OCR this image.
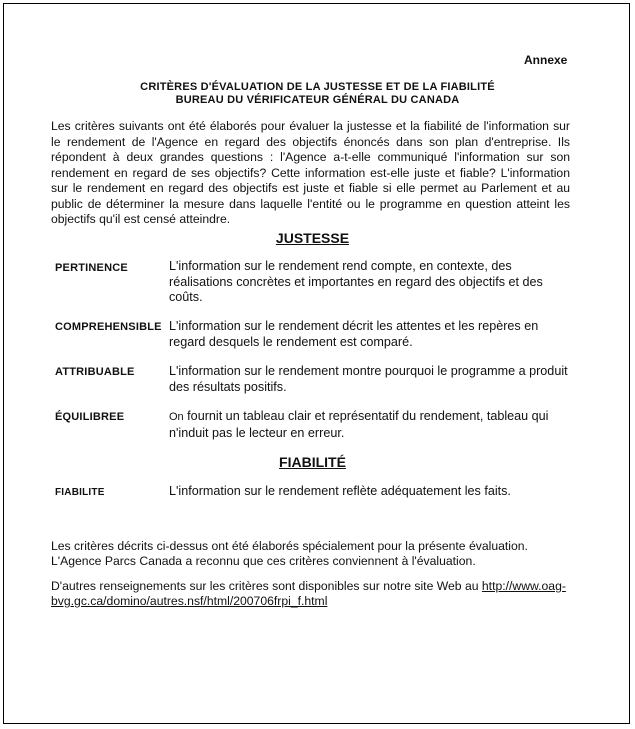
Annexe
CRITÈRES D'ÉVALUATION DE LA JUSTESSE ET DE LA FIABILITÉ
BUREAU DU VÉRIFICATEUR GÉNÉRAL DU CANADA
Les critères suivants ont été élaborés pour évaluer la justesse et la fiabilité de l'information sur le rendement de l'Agence en regard des objectifs énoncés dans son plan d'entreprise. Ils répondent à deux grandes questions : l'Agence a-t-elle communiqué l'information sur son rendement en regard de ses objectifs? Cette information est-elle juste et fiable? L'information sur le rendement en regard des objectifs est juste et fiable si elle permet au Parlement et au public de déterminer la mesure dans laquelle l'entité ou le programme en question atteint les objectifs qu'il est censé atteindre.
JUSTESSE
PERTINENCE	L'information sur le rendement rend compte, en contexte, des réalisations concrètes et importantes en regard des objectifs et des coûts.
COMPREHENSIBLE L'information sur le rendement décrit les attentes et les repères en regard desquels le rendement est comparé.
ATTRIBUABLE	L'information sur le rendement montre pourquoi le programme a produit des résultats positifs.
ÉQUILIBREE	On fournit un tableau clair et représentatif du rendement, tableau qui n'induit pas le lecteur en erreur.
FIABILITÉ
FIABILITE	L'information sur le rendement reflète adéquatement les faits.
Les critères décrits ci-dessus ont été élaborés spécialement pour la présente évaluation.
L'Agence Parcs Canada a reconnu que ces critères conviennent à l'évaluation.
D'autres renseignements sur les critères sont disponibles sur notre site Web au http://www.oag-bvg.gc.ca/domino/autres.nsf/html/200706frpi_f.html
